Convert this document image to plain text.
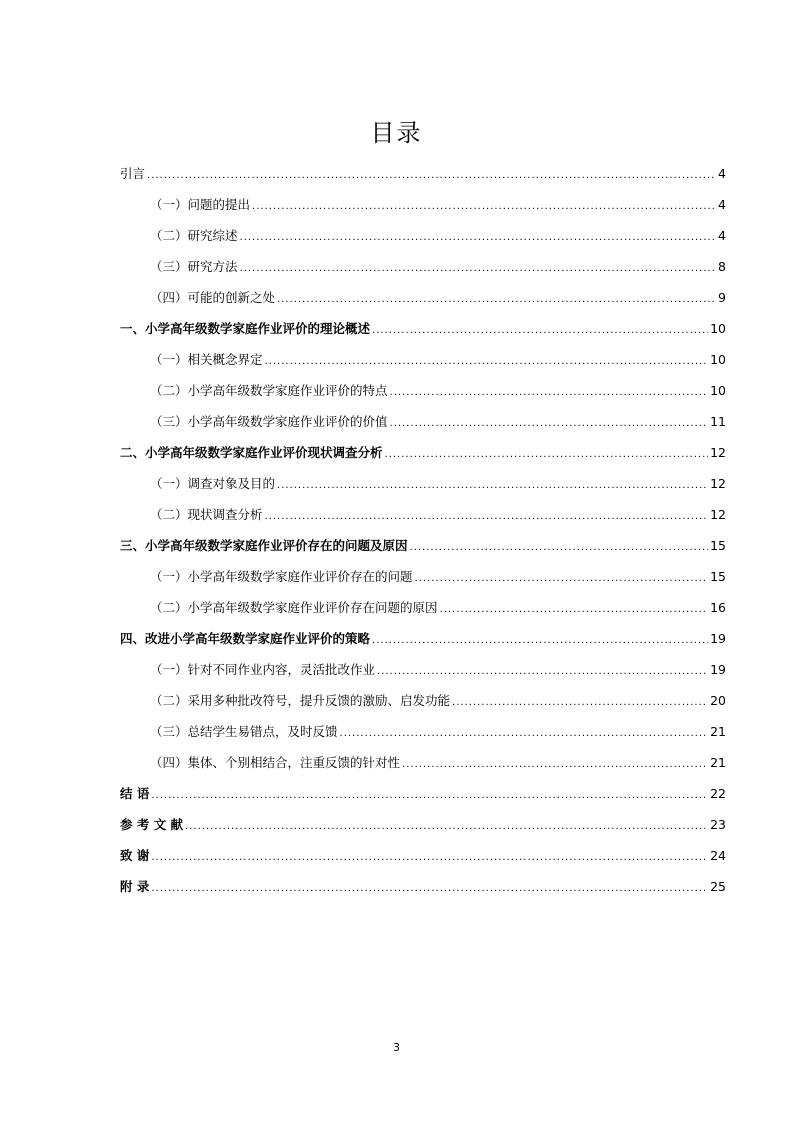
目录
引言 .....	4
（一）问题的提出 .....	4
（二）研究综述 .....	4
（三）研究方法 .....	8
（四）可能的创新之处 .....	9
一、小学高年级数学家庭作业评价的理论概述 .....	10
（一）相关概念界定 .....	10
（二）小学高年级数学家庭作业评价的特点 .....	10
（三）小学高年级数学家庭作业评价的价值 .....	11
二、小学高年级数学家庭作业评价现状调查分析 .....	12
（一）调查对象及目的 .....	12
（二）现状调查分析 .....	12
三、小学高年级数学家庭作业评价存在的问题及原因 .....	15
（一）小学高年级数学家庭作业评价存在的问题 .....	15
（二）小学高年级数学家庭作业评价存在问题的原因 .....	16
四、改进小学高年级数学家庭作业评价的策略 .....	19
（一）针对不同作业内容，灵活批改作业 .....	19
（二）采用多种批改符号，提升反馈的激励、启发功能 .....	20
（三）总结学生易错点，及时反馈 .....	21
（四）集体、个别相结合，注重反馈的针对性 .....	21
结 语 .....	22
参 考 文 献 .....	23
致 谢 .....	24
附 录 .....	25
3
